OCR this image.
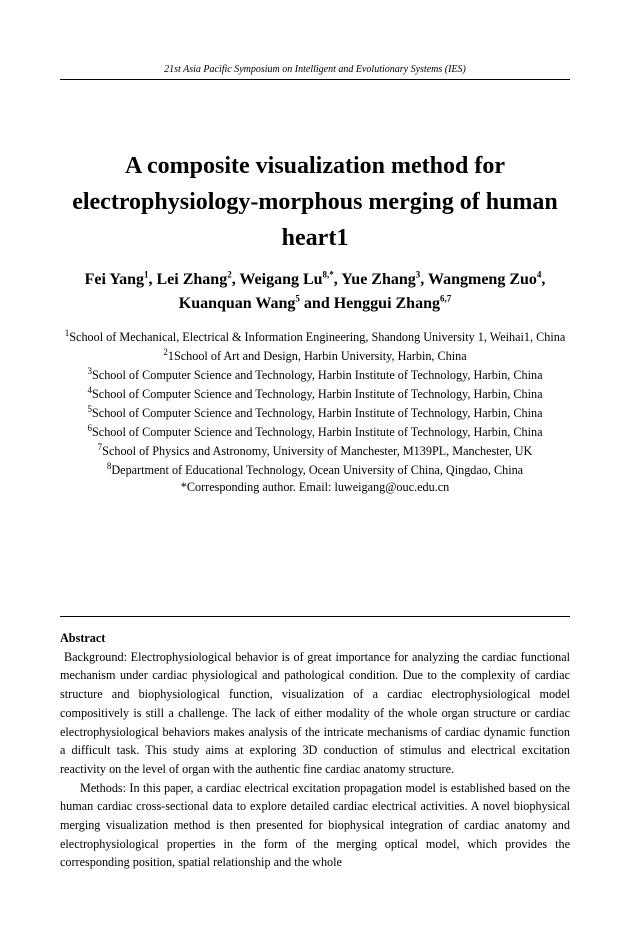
21st Asia Pacific Symposium on Intelligent and Evolutionary Systems (IES)
A composite visualization method for electrophysiology-morphous merging of human heart1
Fei Yang$^1$, Lei Zhang$^2$, Weigang $Lu^{8,*}$, Yue Zhang$^3$, Wangmeng Zuo$^4$,
Kuanquan Wang$^5$ and Henggui Zhang$^{6,7}$

$^1$School of Mechanical, Electrical & Information Engineering, Shandong University 1, Weihai1, China

$^2$1School of Art and Design, Harbin University, Harbin, China

$^3$School of Computer Science and Technology, Harbin Institute of Technology, Harbin, China

$^4$School of Computer Science and Technology, Harbin Institute of Technology, Harbin, China

$^5$School of Computer Science and Technology, Harbin Institute of Technology, Harbin, China

$^6$School of Computer Science and Technology, Harbin Institute of Technology, Harbin, China

$^7$School of Physics and Astronomy, University of Manchester, M139PL, Manchester, UK

$^8$Department of Educational Technology, Ocean University of China, Qingdao, China

*Corresponding author. Email: luweigang@ouc.edu.cn

Abstract

Background: Electrophysiological behavior is of great importance for analyzing the cardiac functional mechanism under cardiac physiological and pathological condition. Due to the complexity of cardiac structure and biophysiological function, visualization of a cardiac electrophysiological model compositively is still a challenge. The lack of either modality of the whole organ structure or cardiac electrophysiological behaviors makes analysis of the intricate mechanisms of cardiac dynamic function a difficult task. This study aims at exploring 3D conduction of stimulus and electrical excitation reactivity on the level of organ with the authentic fine cardiac anatomy structure.

Methods: In this paper, a cardiac electrical excitation propagation model is established based on the human cardiac cross-sectional data to explore detailed cardiac electrical activities. A novel biophysical merging visualization method is then presented for biophysical integration of cardiac anatomy and electrophysiological properties in the form of the merging optical model, which provides the corresponding position, spatial relationship and the whole
